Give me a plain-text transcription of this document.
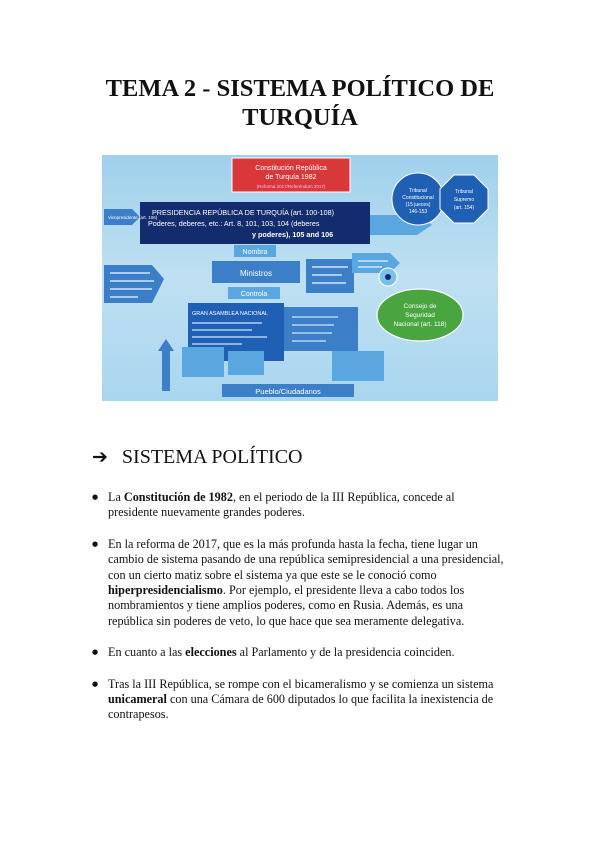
TEMA 2 - SISTEMA POLÍTICO DE TURQUÍA
Constitución República
de Turquía 1982
(Reforma 2017/Referéndum 2017)
PRESIDENCIA REPÚBLICA DE TURQUÍA (art. 100-108)
Poderes, deberes, etc.: Art. 8, 101, 103, 104 (deberes
y poderes), 105 and 106
Vicepresidente (art. 106)
Tribunal
Constitucional
(15 jueces)
146-153
Tribunal
Supremo
(art. 154)
Nombra
Ministros
Controla
Consejo de
Seguridad
Nacional (art. 118)
GRAN ASAMBLEA NACIONAL
Pueblo/Ciudadanos
➔ SISTEMA POLÍTICO
● La Constitución de 1982, en el periodo de la III República, concede al presidente nuevamente grandes poderes.
● En la reforma de 2017, que es la más profunda hasta la fecha, tiene lugar un cambio de sistema pasando de una república semipresidencial a una presidencial, con un cierto matiz sobre el sistema ya que este se le conoció como hiperpresidencialismo. Por ejemplo, el presidente lleva a cabo todos los nombramientos y tiene amplios poderes, como en Rusia. Además, es una república sin poderes de veto, lo que hace que sea meramente delegativa.
● En cuanto a las elecciones al Parlamento y de la presidencia coinciden.
● Tras la III República, se rompe con el bicameralismo y se comienza un sistema unicameral con una Cámara de 600 diputados lo que facilita la inexistencia de contrapesos.
